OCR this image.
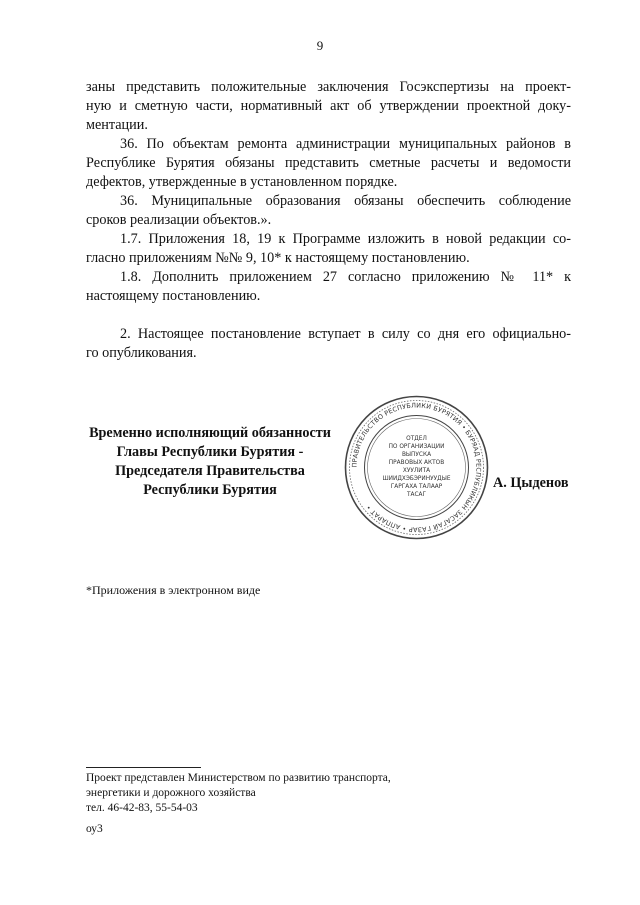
9
заны представить положительные заключения Госэкспертизы на проект-
ную и сметную части, нормативный акт об утверждении проектной доку-
ментации.
36. По объектам ремонта администрации муниципальных районов в
Республике Бурятия обязаны представить сметные расчеты и ведомости
дефектов, утвержденные в установленном порядке.
36. Муниципальные образования обязаны обеспечить соблюдение
сроков реализации объектов.».
1.7. Приложения 18, 19 к Программе изложить в новой редакции со-
гласно приложениям №№ 9, 10* к настоящему постановлению.
1.8. Дополнить приложением 27 согласно приложению № 11* к
настоящему постановлению.
2. Настоящее постановление вступает в силу со дня его официально-
го опубликования.
Временно исполняющий обязанности
Главы Республики Бурятия -
Председателя Правительства
Республики Бурятия	А. Цыденов
ПРАВИТЕЛЬСТВО РЕСПУБЛИКИ БУРЯТИЯ • БУРЯАД РЕСПУБЛИКЫН ЗАСАГАЙ ГАЗАР • АППАРАТ •
ОТДЕЛ
ПО ОРГАНИЗАЦИИ
ВЫПУСКА
ПРАВОВЫХ АКТОВ
ХУУЛИТА
ШИИДХЭБЭРИНУУДЫЕ
ГАРГАХА ТАЛААР
ТАСАГ
*Приложения в электронном виде
Проект представлен Министерством по развитию транспорта,
энергетики и дорожного хозяйства
тел. 46-42-83, 55-54-03
оу3
